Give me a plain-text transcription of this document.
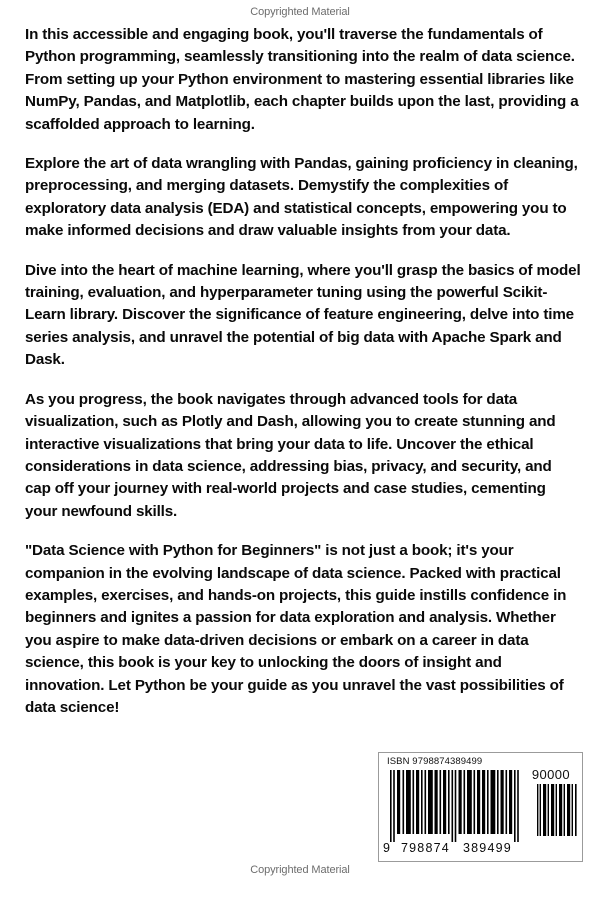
Copyrighted Material

In this accessible and engaging book, you'll traverse the fundamentals of Python programming, seamlessly transitioning into the realm of data science. From setting up your Python environment to mastering essential libraries like NumPy, Pandas, and Matplotlib, each chapter builds upon the last, providing a scaffolded approach to learning.

Explore the art of data wrangling with Pandas, gaining proficiency in cleaning, preprocessing, and merging datasets. Demystify the complexities of exploratory data analysis (EDA) and statistical concepts, empowering you to make informed decisions and draw valuable insights from your data.

Dive into the heart of machine learning, where you'll grasp the basics of model training, evaluation, and hyperparameter tuning using the powerful Scikit-Learn library. Discover the significance of feature engineering, delve into time series analysis, and unravel the potential of big data with Apache Spark and Dask.

As you progress, the book navigates through advanced tools for data visualization, such as Plotly and Dash, allowing you to create stunning and interactive visualizations that bring your data to life. Uncover the ethical considerations in data science, addressing bias, privacy, and security, and cap off your journey with real-world projects and case studies, cementing your newfound skills.

"Data Science with Python for Beginners" is not just a book; it's your companion in the evolving landscape of data science. Packed with practical examples, exercises, and hands-on projects, this guide instills confidence in beginners and ignites a passion for data exploration and analysis. Whether you aspire to make data-driven decisions or embark on a career in data science, this book is your key to unlocking the doors of insight and innovation. Let Python be your guide as you unravel the vast possibilities of data science!

ISBN 9798874389499
90000
9 798874 389499
Copyrighted Material
